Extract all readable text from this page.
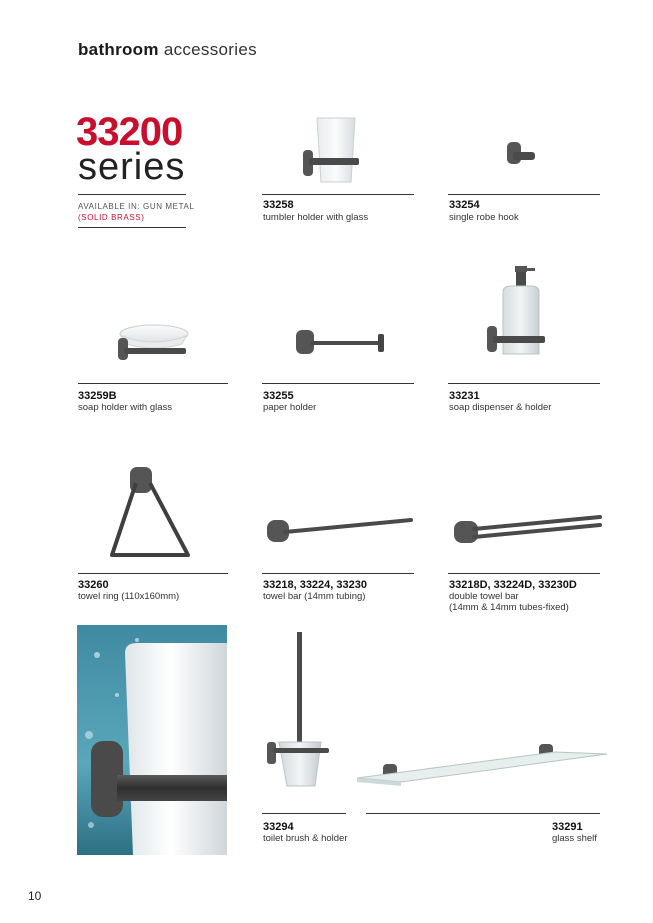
bathroom accessories
33200
series
AVAILABLE IN: GUN METAL
(SOLID BRASS)
33258
tumbler holder with glass
33254
single robe hook
33259B
soap holder with glass
33255
paper holder
33231
soap dispenser & holder
33260
towel ring (110x160mm)
33218, 33224, 33230
towel bar (14mm tubing)
33218D, 33224D, 33230D
double towel bar
(14mm & 14mm tubes-fixed)
33294
toilet brush & holder
33291
glass shelf
10
